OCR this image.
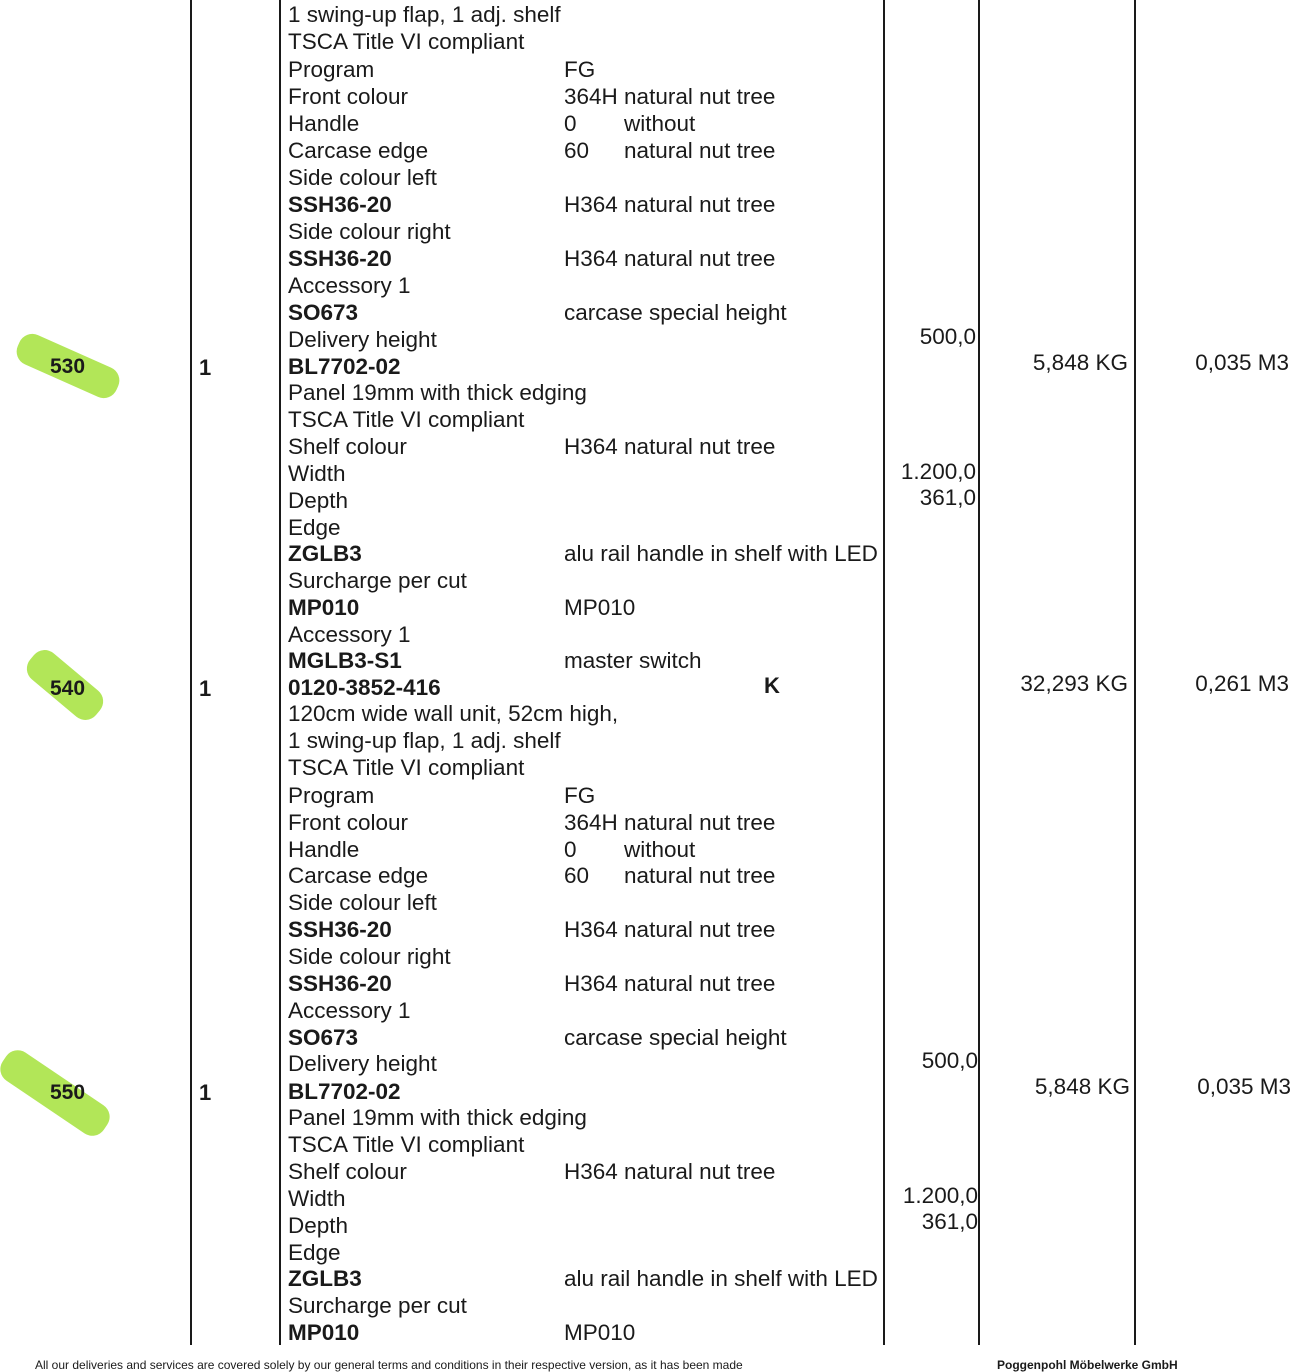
1 swing-up flap, 1 adj. shelf
TSCA Title VI compliant
Program	FG
Front colour	364H natural nut tree
Handle	0 without
Carcase edge	60 natural nut tree
Side colour left
SSH36-20	H364 natural nut tree
Side colour right
SSH36-20	H364 natural nut tree
Accessory 1
SO673	carcase special height
Delivery height	500,0
530	1	BL7702-02	5,848 KG	0,035 M3
Panel 19mm with thick edging
TSCA Title VI compliant
Shelf colour	H364 natural nut tree
Width	1.200,0
Depth	361,0
Edge
ZGLB3	alu rail handle in shelf with LED
Surcharge per cut
MP010	MP010
Accessory 1
MGLB3-S1	master switch
540	1	0120-3852-416	K	32,293 KG	0,261 M3
120cm wide wall unit, 52cm high,
1 swing-up flap, 1 adj. shelf
TSCA Title VI compliant
Program	FG
Front colour	364H natural nut tree
Handle	0 without
Carcase edge	60 natural nut tree
Side colour left
SSH36-20	H364 natural nut tree
Side colour right
SSH36-20	H364 natural nut tree
Accessory 1
SO673	carcase special height
Delivery height	500,0
550	1	BL7702-02	5,848 KG	0,035 M3
Panel 19mm with thick edging
TSCA Title VI compliant
Shelf colour	H364 natural nut tree
Width	1.200,0
Depth	361,0
Edge
ZGLB3	alu rail handle in shelf with LED
Surcharge per cut
MP010	MP010
All our deliveries and services are covered solely by our general terms and conditions in their respective version, as it has been made	Poggenpohl Möbelwerke GmbH
